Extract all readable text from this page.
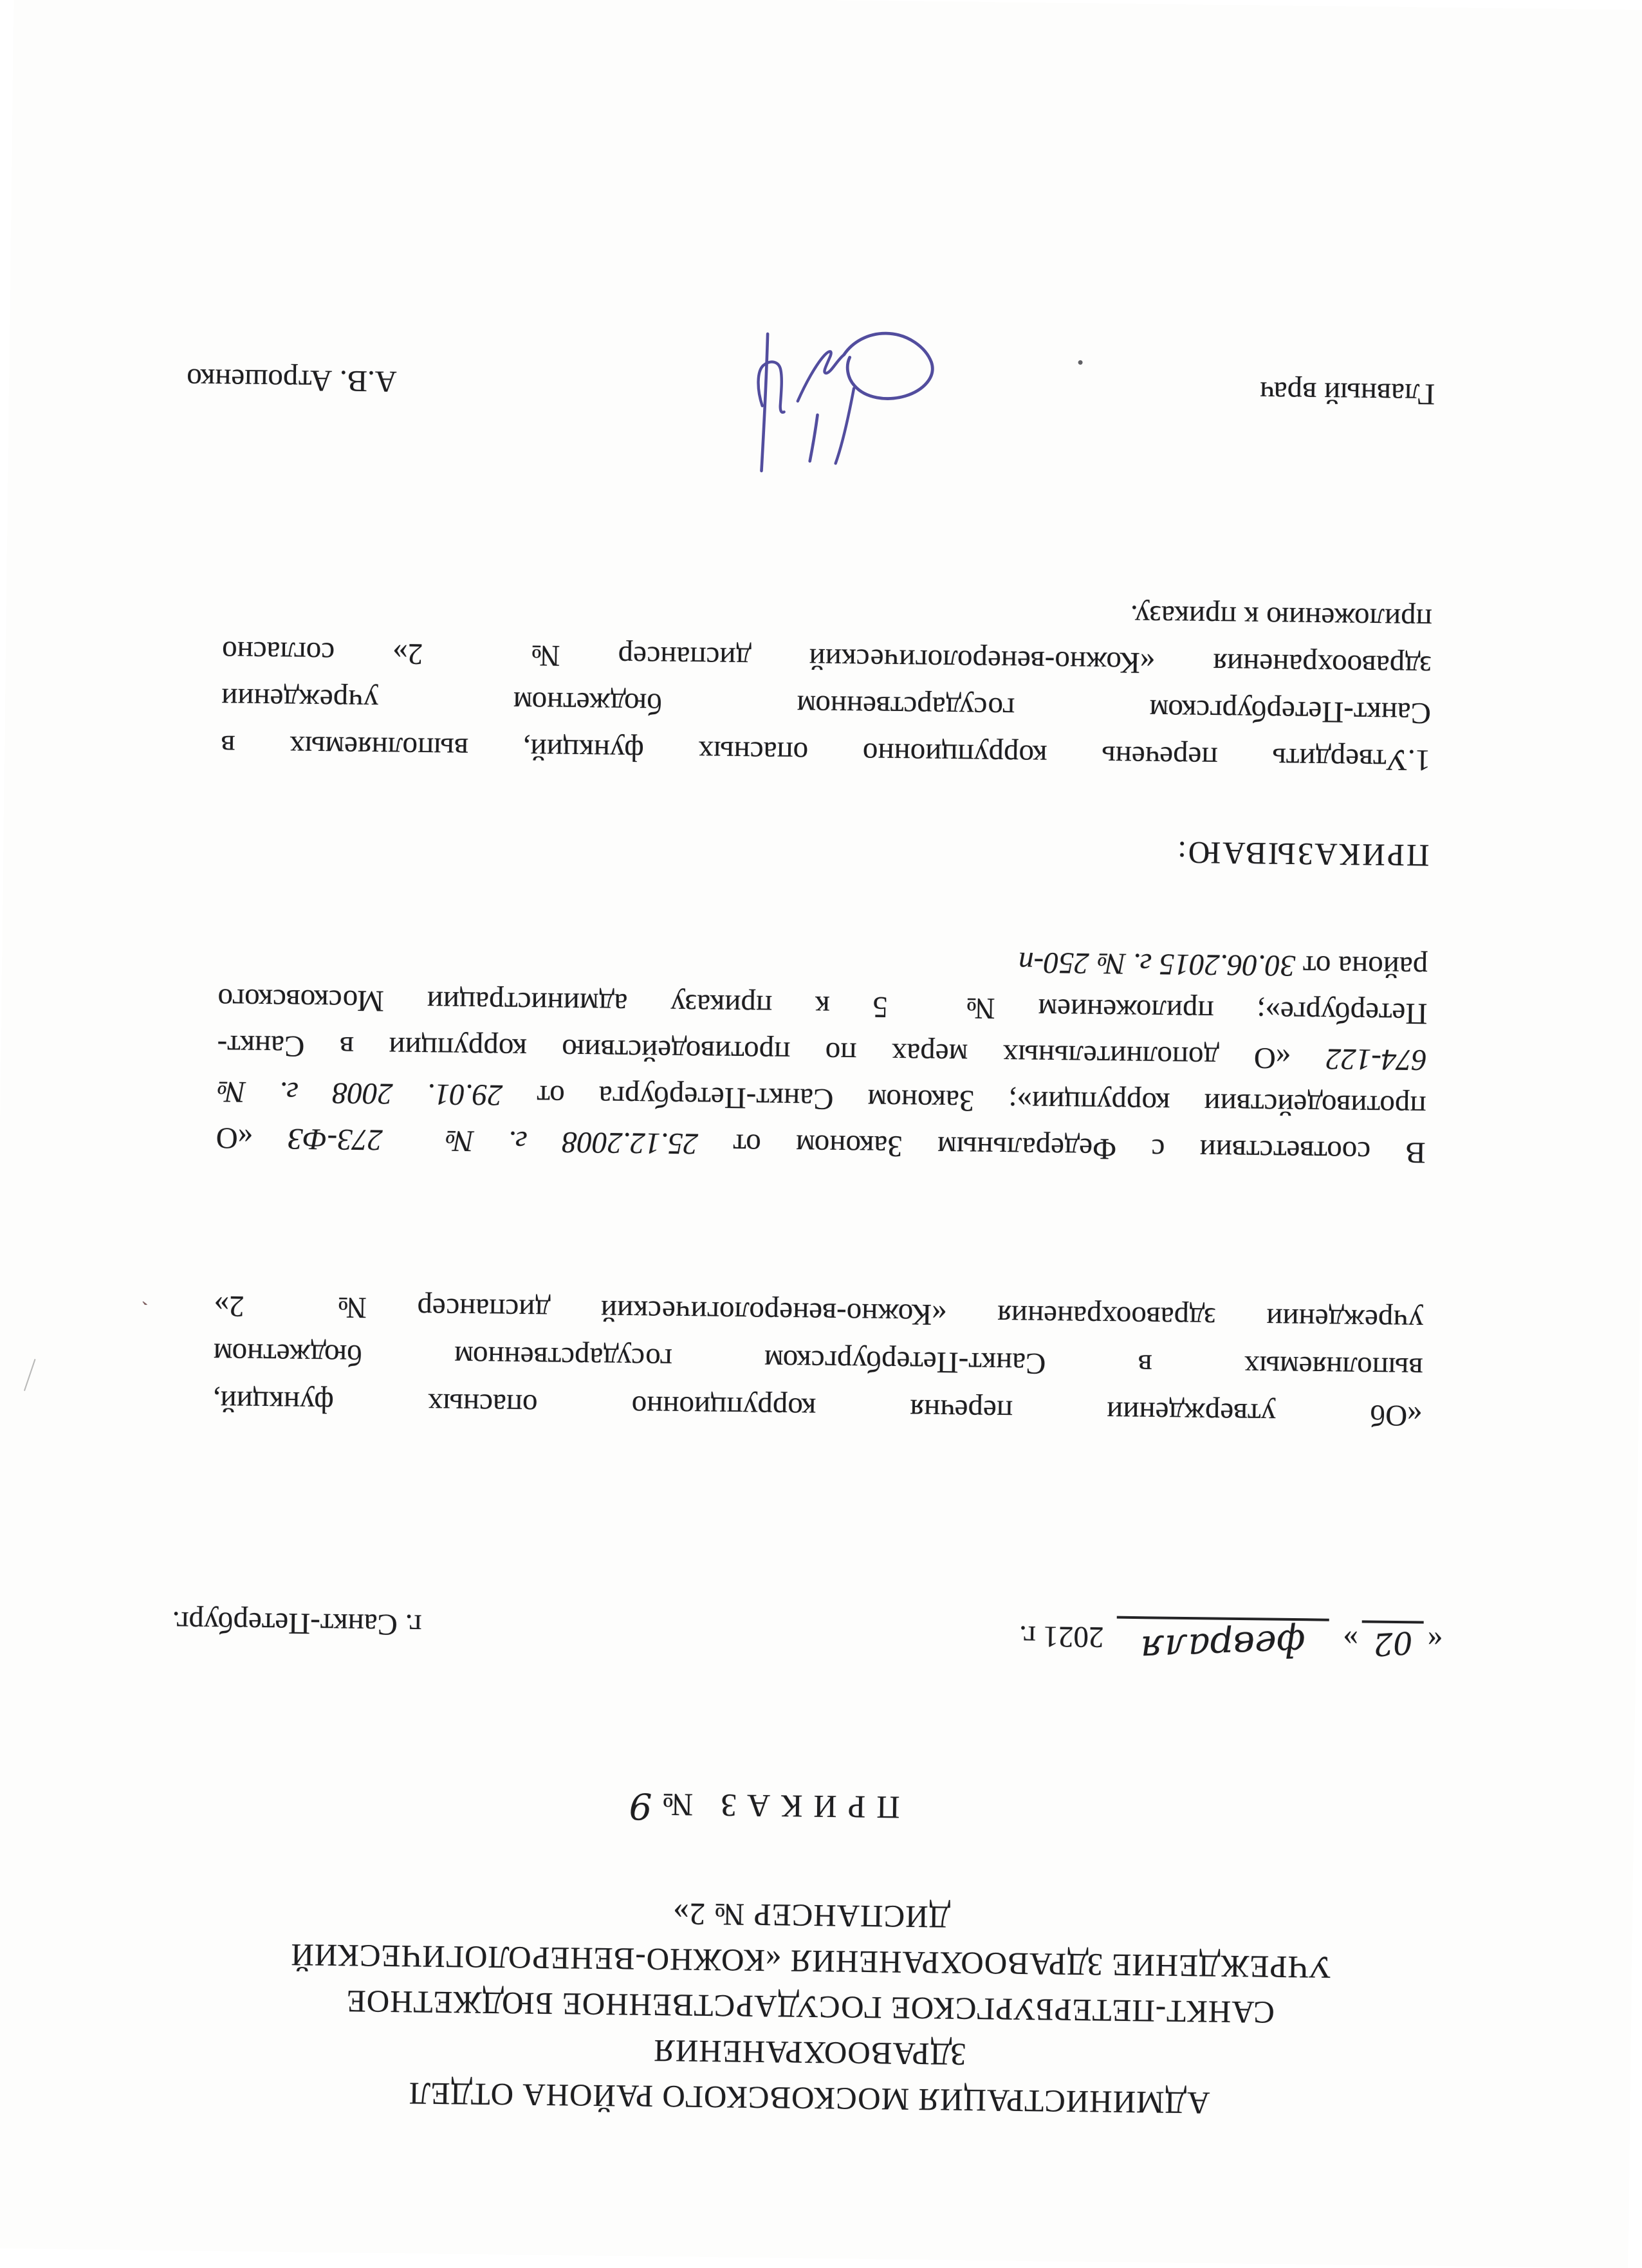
АДМИНИСТРАЦИЯ МОСКОВСКОГО РАЙОНА ОТДЕЛ
ЗДРАВООХРАНЕНИЯ
САНКТ-ПЕТЕРБУРГСКОЕ ГОСУДАРСТВЕННОЕ БЮДЖЕТНОЕ
УЧРЕЖДЕНИЕ ЗДРАВООХРАНЕНИЯ «КОЖНО-ВЕНЕРОЛОГИЧЕСКИЙ
ДИСПАНСЕР № 2»
ПРИКАЗ№9
«02»февраля2021 г.
г. Санкт-Петербург.
«Об утверждении перечня коррупционно опасных функций,
выполняемых в Санкт-Петербургском государственном бюджетном
учреждении здравоохранения «Кожно-венерологический диспансер № 2»
В соответствии с Федеральным Законом от 25.12.2008 г. № 273-ФЗ «О
противодействии коррупции»; Законом Санкт-Петербурга от 29.01. 2008 г. №
674-122 «О дополнительных мерах по противодействию коррупции в Санкт-
Петербурге»; приложением № 5 к приказу администрации Московского
района от 30.06.2015 г. № 250-п
ПРИКАЗЫВАЮ:
1.Утвердить перечень коррупционно опасных функций, выполняемых в
Санкт-Петербургском государственном бюджетном учреждении
здравоохранения «Кожно-венерологический диспансер № 2» согласно
приложению к приказу.
Главный врач
А.В. Атрошенко
ˏ
